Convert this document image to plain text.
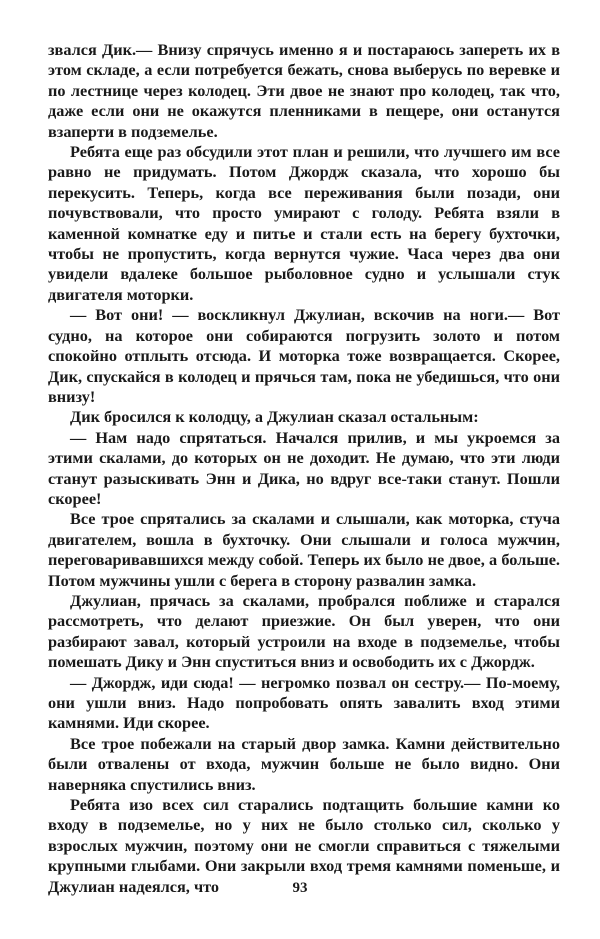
звался Дик.— Внизу спрячусь именно я и постараюсь запереть их в этом складе, а если потребуется бежать, снова выберусь по веревке и по лестнице через колодец. Эти двое не знают про колодец, так что, даже если они не окажутся пленниками в пещере, они останутся взаперти в подземелье.

Ребята еще раз обсудили этот план и решили, что лучшего им все равно не придумать. Потом Джордж сказала, что хорошо бы перекусить. Теперь, когда все переживания были позади, они почувствовали, что просто умирают с голоду. Ребята взяли в каменной комнатке еду и питье и стали есть на берегу бухточки, чтобы не пропустить, когда вернутся чужие. Часа через два они увидели вдалеке большое рыболовное судно и услышали стук двигателя моторки.

— Вот они! — воскликнул Джулиан, вскочив на ноги.— Вот судно, на которое они собираются погрузить золото и потом спокойно отплыть отсюда. И моторка тоже возвращается. Скорее, Дик, спускайся в колодец и прячься там, пока не убедишься, что они внизу!

Дик бросился к колодцу, а Джулиан сказал остальным:

— Нам надо спрятаться. Начался прилив, и мы укроемся за этими скалами, до которых он не доходит. Не думаю, что эти люди станут разыскивать Энн и Дика, но вдруг все-таки станут. Пошли скорее!

Все трое спрятались за скалами и слышали, как моторка, стуча двигателем, вошла в бухточку. Они слышали и голоса мужчин, переговаривавшихся между собой. Теперь их было не двое, а больше. Потом мужчины ушли с берега в сторону развалин замка.

Джулиан, прячась за скалами, пробрался поближе и старался рассмотреть, что делают приезжие. Он был уверен, что они разбирают завал, который устроили на входе в подземелье, чтобы помешать Дику и Энн спуститься вниз и освободить их с Джордж.

— Джордж, иди сюда! — негромко позвал он сестру.— По-моему, они ушли вниз. Надо попробовать опять завалить вход этими камнями. Иди скорее.

Все трое побежали на старый двор замка. Камни действительно были отвалены от входа, мужчин больше не было видно. Они наверняка спустились вниз.

Ребята изо всех сил старались подтащить большие камни ко входу в подземелье, но у них не было столько сил, сколько у взрослых мужчин, поэтому они не смогли справиться с тяжелыми крупными глыбами. Они закрыли вход тремя камнями поменьше, и Джулиан надеялся, что	93
